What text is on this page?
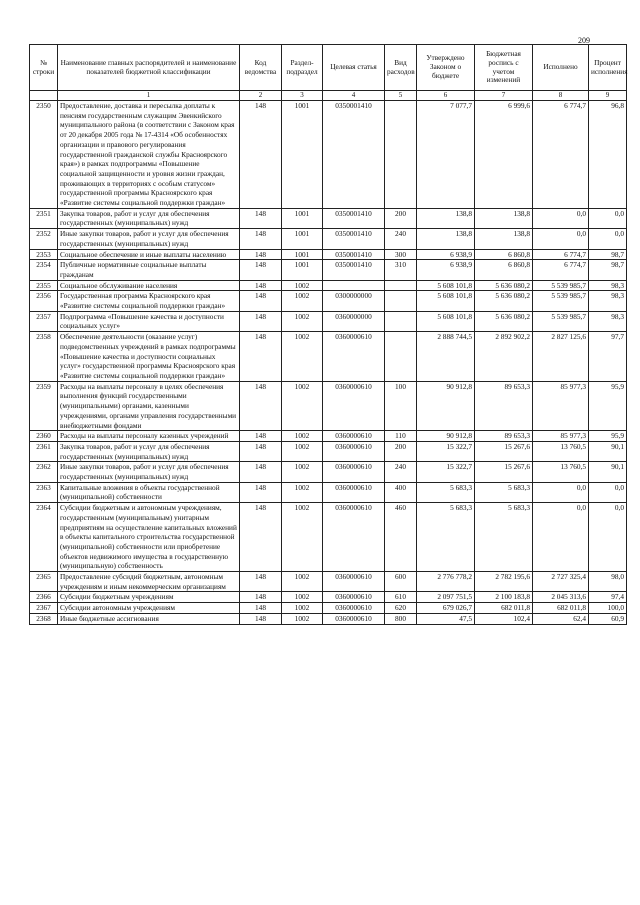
209
№ строки	Наименование главных распорядителей и наименование показателей бюджетной классификации	Код ведомства	Раздел-подраздел	Целевая статья	Вид расходов	Утверждено Законом о бюджете	Бюджетная роспись с учетом изменений	Исполнено	Процент исполнения
	1	2	3	4	5	6	7	8	9
2350	Предоставление, доставка и пересылка доплаты к пенсиям государственным служащим Эвенкийского муниципального района (в соответствии с Законом края от 20 декабря 2005 года № 17-4314 «Об особенностях организации и правового регулирования государственной гражданской службы Красноярского края») в рамках подпрограммы «Повышение социальной защищенности и уровня жизни граждан, проживающих в территориях с особым статусом» государственной программы Красноярского края «Развитие системы социальной поддержки граждан»	148	1001	0350001410		7 077,7	6 999,6	6 774,7	96,8
2351	Закупка товаров, работ и услуг для обеспечения государственных (муниципальных) нужд	148	1001	0350001410	200	138,8	138,8	0,0	0,0
2352	Иные закупки товаров, работ и услуг для обеспечения государственных (муниципальных) нужд	148	1001	0350001410	240	138,8	138,8	0,0	0,0
2353	Социальное обеспечение и иные выплаты населению	148	1001	0350001410	300	6 938,9	6 860,8	6 774,7	98,7
2354	Публичные нормативные социальные выплаты гражданам	148	1001	0350001410	310	6 938,9	6 860,8	6 774,7	98,7
2355	Социальное обслуживание населения	148	1002			5 608 101,8	5 636 080,2	5 539 985,7	98,3
2356	Государственная программа Красноярского края «Развитие системы социальной поддержки граждан»	148	1002	0300000000		5 608 101,8	5 636 080,2	5 539 985,7	98,3
2357	Подпрограмма «Повышение качества и доступности социальных услуг»	148	1002	0360000000		5 608 101,8	5 636 080,2	5 539 985,7	98,3
2358	Обеспечение деятельности (оказание услуг) подведомственных учреждений в рамках подпрограммы «Повышение качества и доступности социальных услуг» государственной программы Красноярского края «Развитие системы социальной поддержки граждан»	148	1002	0360000610		2 888 744,5	2 892 902,2	2 827 125,6	97,7
2359	Расходы на выплаты персоналу в целях обеспечения выполнения функций государственными (муниципальными) органами, казенными учреждениями, органами управления государственными внебюджетными фондами	148	1002	0360000610	100	90 912,8	89 653,3	85 977,3	95,9
2360	Расходы на выплаты персоналу казенных учреждений	148	1002	0360000610	110	90 912,8	89 653,3	85 977,3	95,9
2361	Закупка товаров, работ и услуг для обеспечения государственных (муниципальных) нужд	148	1002	0360000610	200	15 322,7	15 267,6	13 760,5	90,1
2362	Иные закупки товаров, работ и услуг для обеспечения государственных (муниципальных) нужд	148	1002	0360000610	240	15 322,7	15 267,6	13 760,5	90,1
2363	Капитальные вложения в объекты государственной (муниципальной) собственности	148	1002	0360000610	400	5 683,3	5 683,3	0,0	0,0
2364	Субсидии бюджетным и автономным учреждениям, государственным (муниципальным) унитарным предприятиям на осуществление капитальных вложений в объекты капитального строительства государственной (муниципальной) собственности или приобретение объектов недвижимого имущества в государственную (муниципальную) собственность	148	1002	0360000610	460	5 683,3	5 683,3	0,0	0,0
2365	Предоставление субсидий бюджетным, автономным учреждениям и иным некоммерческим организациям	148	1002	0360000610	600	2 776 778,2	2 782 195,6	2 727 325,4	98,0
2366	Субсидии бюджетным учреждениям	148	1002	0360000610	610	2 097 751,5	2 100 183,8	2 045 313,6	97,4
2367	Субсидии автономным учреждениям	148	1002	0360000610	620	679 026,7	682 011,8	682 011,8	100,0
2368	Иные бюджетные ассигнования	148	1002	0360000610	800	47,5	102,4	62,4	60,9
